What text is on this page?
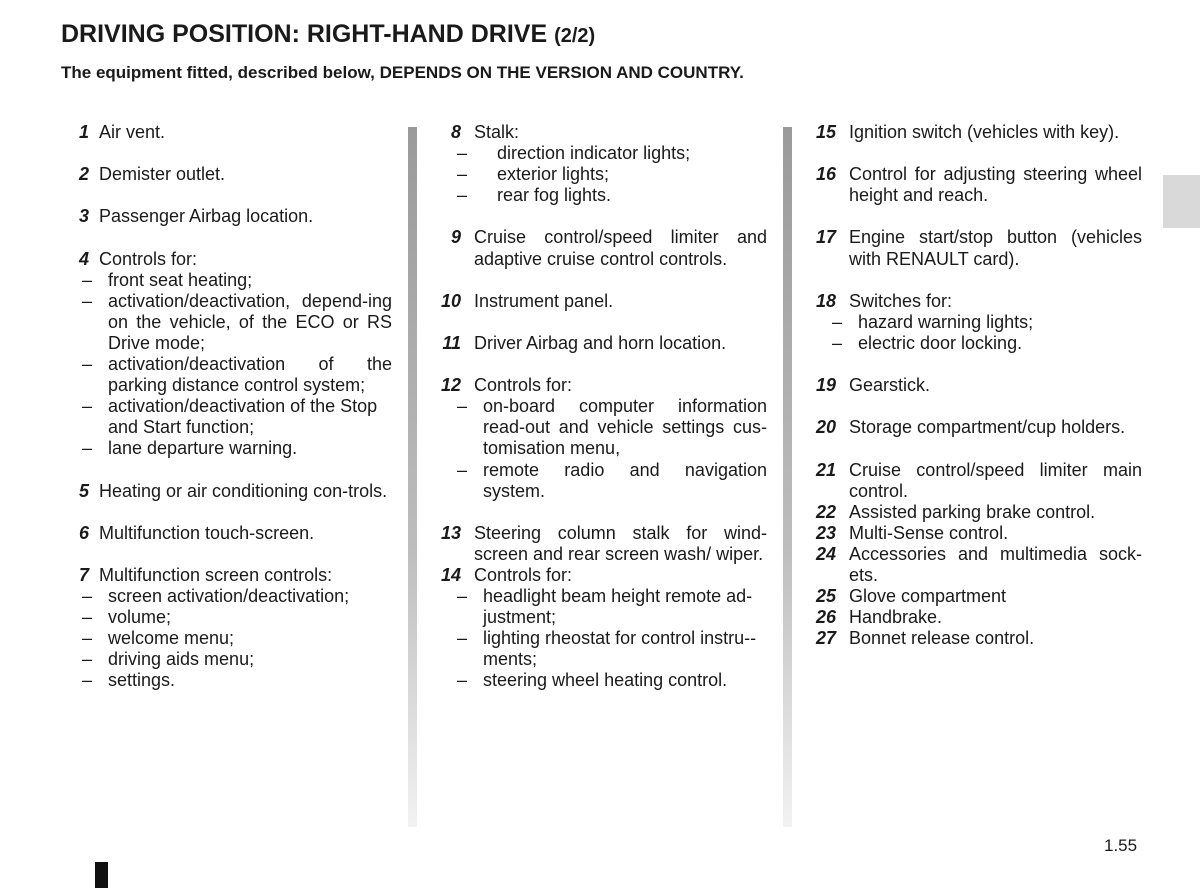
DRIVING POSITION: RIGHT-HAND DRIVE (2/2)
The equipment fitted, described below, DEPENDS ON THE VERSION AND COUNTRY.
1 Air vent.
2 Demister outlet.
3 Passenger Airbag location.
4 Controls for:
– front seat heating;
– activation/deactivation, depend-ing on the vehicle, of the ECO or RS Drive mode;
– activation/deactivation of the parking distance control system;
– activation/deactivation of the Stop and Start function;
– lane departure warning.
5 Heating or air conditioning con-trols.
6 Multifunction touch-screen.
7 Multifunction screen controls:
– screen activation/deactivation;
– volume;
– welcome menu;
– driving aids menu;
– settings.
8 Stalk:
– direction indicator lights;
– exterior lights;
– rear fog lights.
9 Cruise control/speed limiter and adaptive cruise control controls.
10 Instrument panel.
11 Driver Airbag and horn location.
12 Controls for:
– on-board computer information read-out and vehicle settings cus-tomisation menu,
– remote radio and navigation system.
13 Steering column stalk for wind-screen and rear screen wash/ wiper.
14 Controls for:
– headlight beam height remote ad-justment;
– lighting rheostat for control instru-- ments;
– steering wheel heating control.
15 Ignition switch (vehicles with key).
16 Control for adjusting steering wheel height and reach.
17 Engine start/stop button (vehicles with RENAULT card).
18 Switches for:
– hazard warning lights;
– electric door locking.
19 Gearstick.
20 Storage compartment/cup holders.
21 Cruise control/speed limiter main control.
22 Assisted parking brake control.
23 Multi-Sense control.
24 Accessories and multimedia sock-ets.
25 Glove compartment
26 Handbrake.
27 Bonnet release control.
1.55
